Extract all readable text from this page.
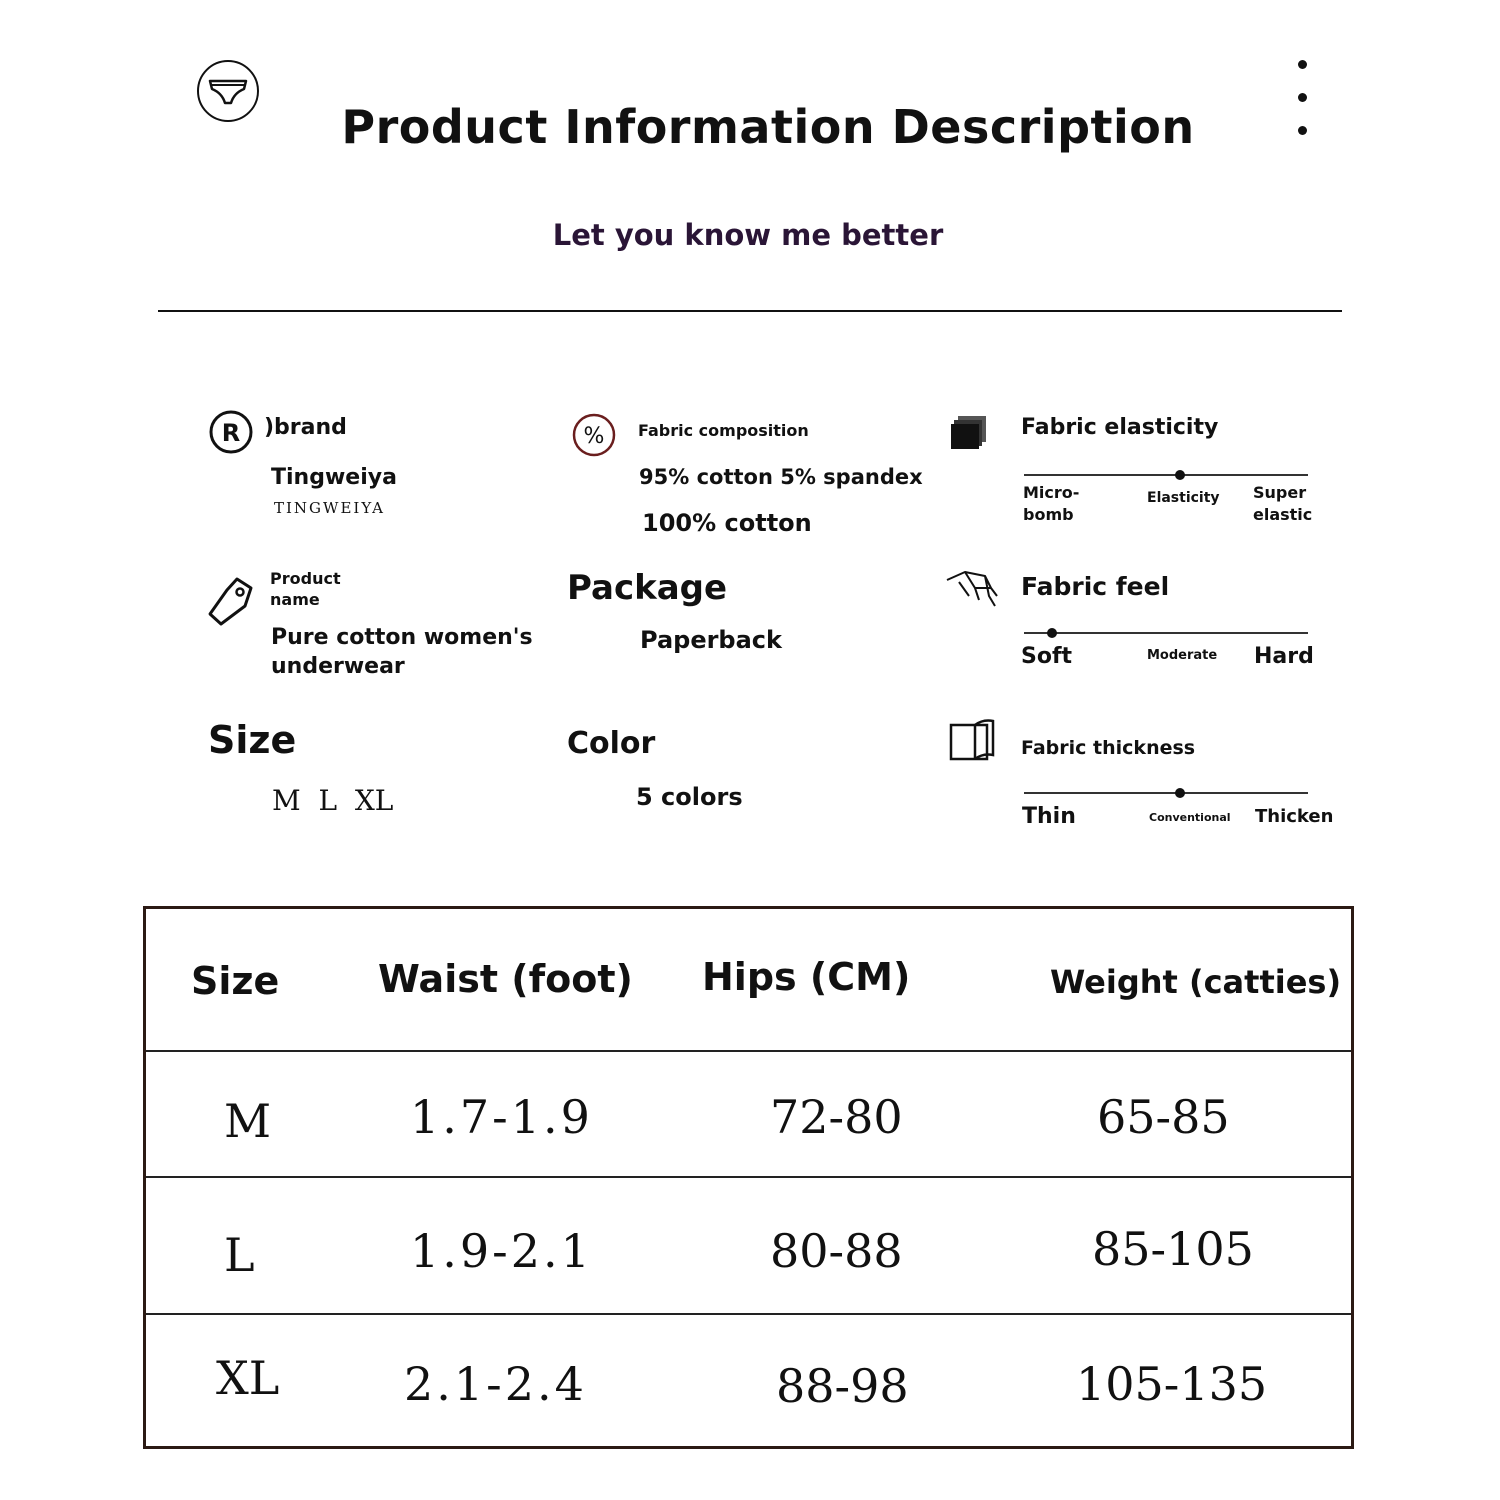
Product Information Description
Let you know me better
R )brand
Tingweiya
TINGWEIYA
% Fabric composition
95% cotton 5% spandex
100% cotton
Fabric elasticity
Micro-
bomb
Elasticity Super
elastic
Product
name
Pure cotton women's
underwear
Package
Paperback
Fabric feel
Soft	Moderate Hard
Size
M  L  XL
Color
5 colors
Fabric thickness
Thin	Conventional Thicken
Size	Waist (foot) Hips (CM)	Weight (catties)
M	1.7-1.9	72-80	65-85
L	1.9-2.1	80-88	85-105
XL	2.1-2.4	88-98	105-135
